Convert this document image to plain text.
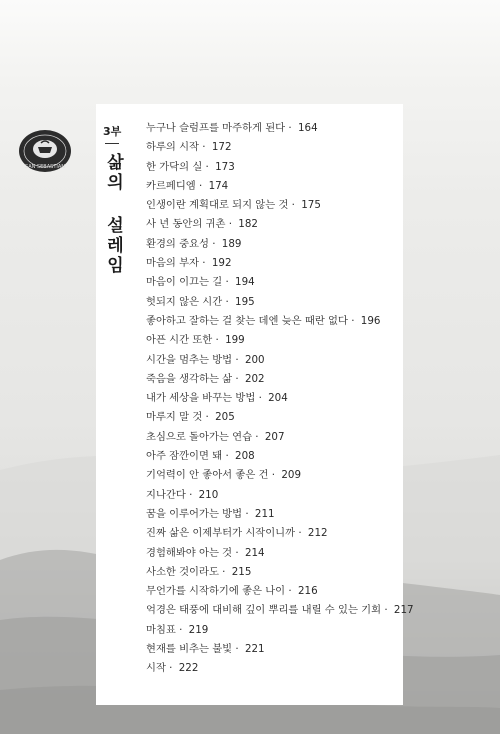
SAN SEBASTIAN
3부
삶의 설레임
누구나 슬럼프를 마주하게 된다 · 164
하루의 시작 · 172
한 가닥의 실 · 173
카르페디엠 · 174
인생이란 계획대로 되지 않는 것 · 175
사 년 동안의 귀촌 · 182
환경의 중요성 · 189
마음의 부자 · 192
마음이 이끄는 길 · 194
헛되지 않은 시간 · 195
좋아하고 잘하는 걸 찾는 데엔 늦은 때란 없다 · 196
아픈 시간 또한 · 199
시간을 멈추는 방법 · 200
죽음을 생각하는 삶 · 202
내가 세상을 바꾸는 방법 · 204
마루지 말 것 · 205
초심으로 돌아가는 연습 · 207
아주 잠깐이면 돼 · 208
기억력이 안 좋아서 좋은 건 · 209
지나간다 · 210
꿈을 이루어가는 방법 · 211
진짜 삶은 이제부터가 시작이니까 · 212
경험해봐야 아는 것 · 214
사소한 것이라도 · 215
무언가를 시작하기에 좋은 나이 · 216
억경은 태풍에 대비해 깊이 뿌리를 내릴 수 있는 기회 · 217
마침표 · 219
현재를 비추는 불빛 · 221
시작 · 222
